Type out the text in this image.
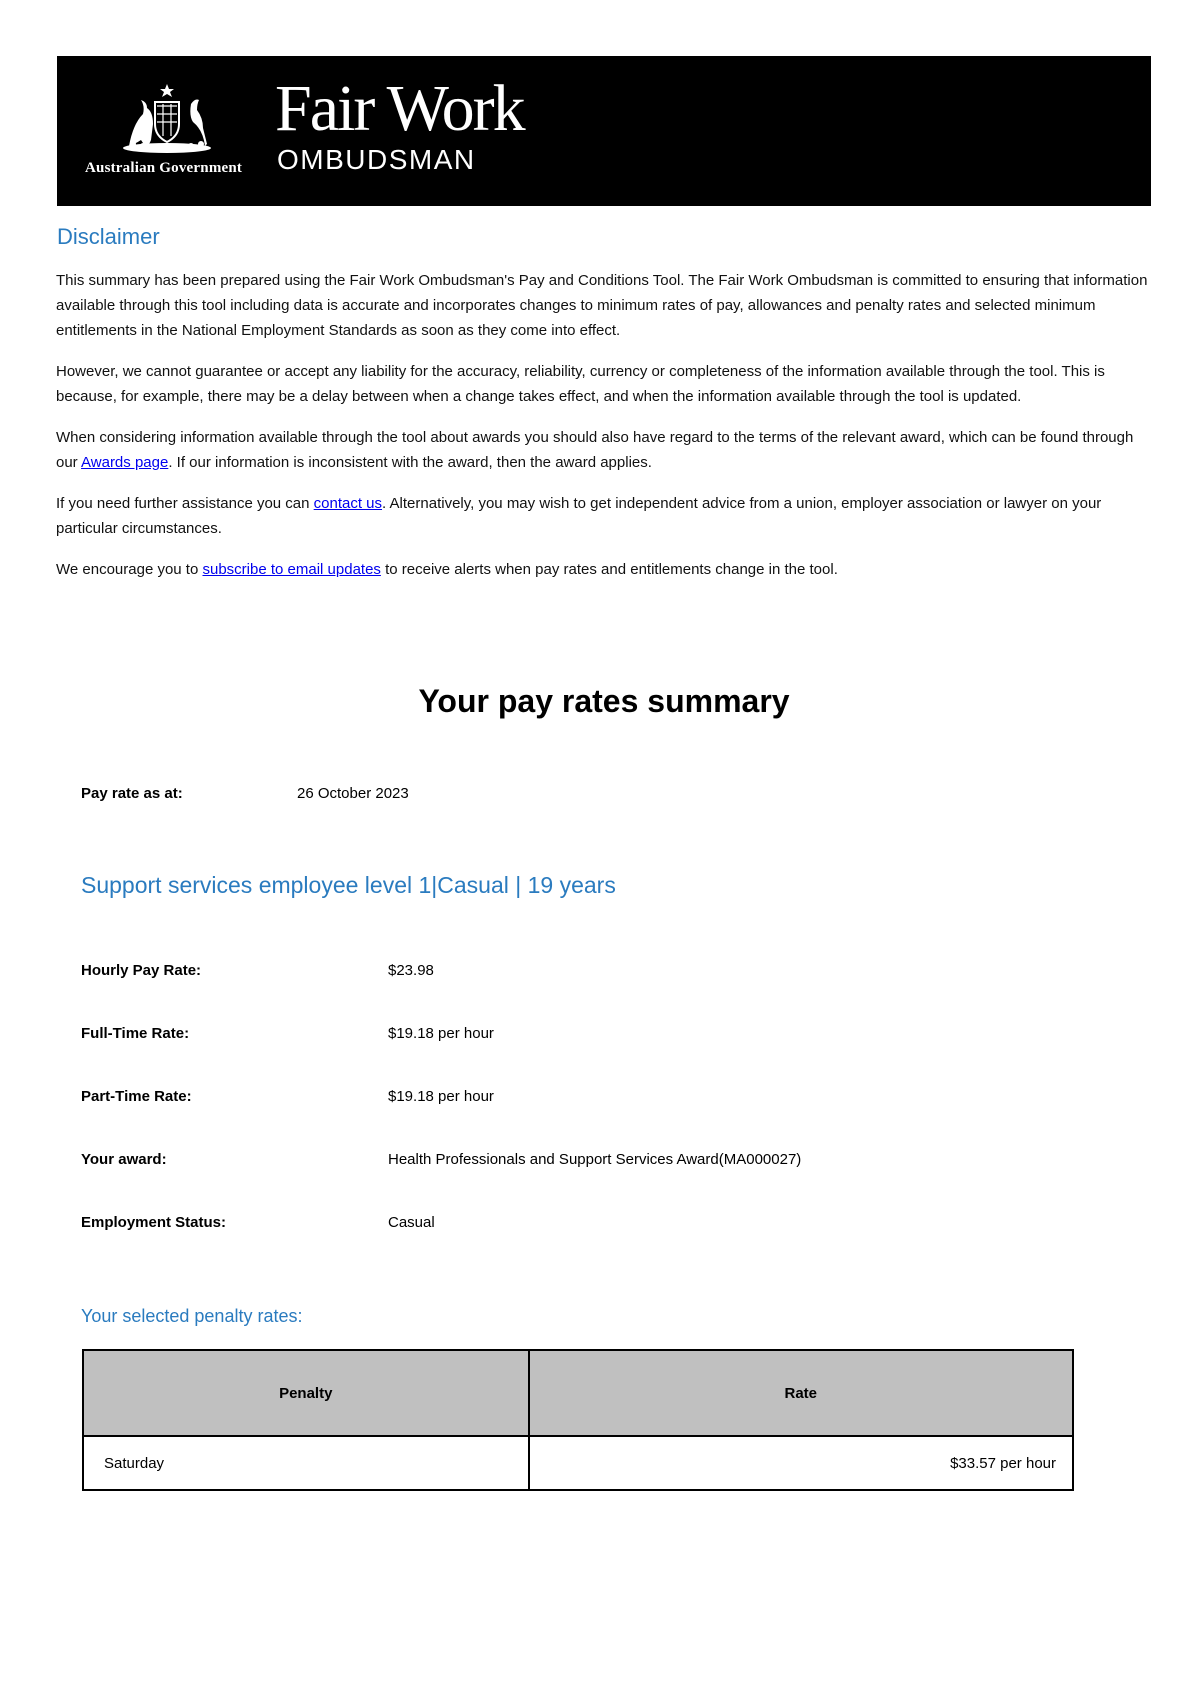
Australian Government
Fair Work
OMBUDSMAN
Disclaimer

This summary has been prepared using the Fair Work Ombudsman's Pay and Conditions Tool. The Fair Work Ombudsman is committed to ensuring that information available through this tool including data is accurate and incorporates changes to minimum rates of pay, allowances and penalty rates and selected minimum entitlements in the National Employment Standards as soon as they come into effect.

However, we cannot guarantee or accept any liability for the accuracy, reliability, currency or completeness of the information available through the tool. This is because, for example, there may be a delay between when a change takes effect, and when the information available through the tool is updated.

When considering information available through the tool about awards you should also have regard to the terms of the relevant award, which can be found through our Awards page. If our information is inconsistent with the award, then the award applies.

If you need further assistance you can contact us. Alternatively, you may wish to get independent advice from a union, employer association or lawyer on your particular circumstances.

We encourage you to subscribe to email updates to receive alerts when pay rates and entitlements change in the tool.

Your pay rates summary
Pay rate as at:	26 October 2023
Support services employee level 1|Casual | 19 years
Hourly Pay Rate:	$23.98
Full-Time Rate:	$19.18 per hour
Part-Time Rate:	$19.18 per hour
Your award:	Health Professionals and Support Services Award(MA000027)
Employment Status:	Casual
Your selected penalty rates:
Penalty	Rate
Saturday	$33.57 per hour
